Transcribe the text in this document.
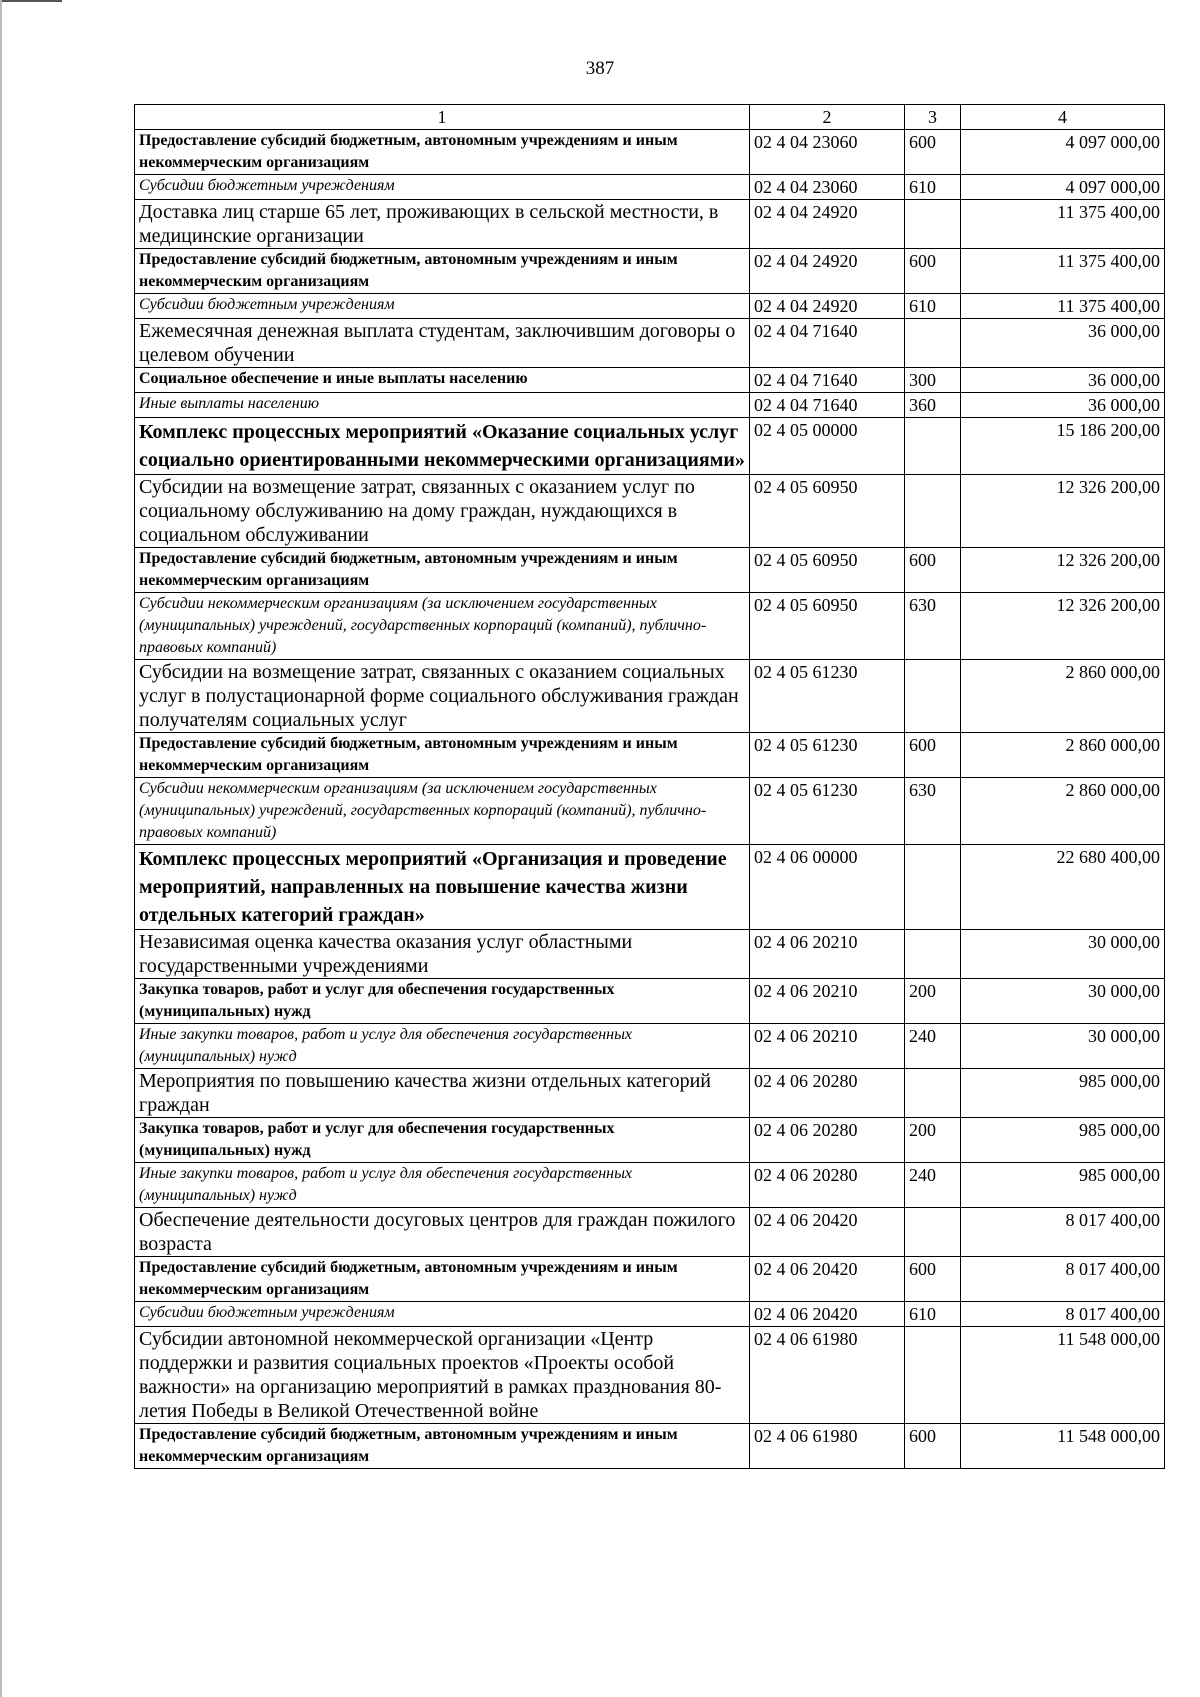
387
1	2	3	4
Предоставление субсидий бюджетным, автономным учреждениям и иным некоммерческим организациям	02 4 04 23060	600	4 097 000,00
Субсидии бюджетным учреждениям	02 4 04 23060	610	4 097 000,00
Доставка лиц старше 65 лет, проживающих в сельской местности, в медицинские организации	02 4 04 24920		11 375 400,00
Предоставление субсидий бюджетным, автономным учреждениям и иным некоммерческим организациям	02 4 04 24920	600	11 375 400,00
Субсидии бюджетным учреждениям	02 4 04 24920	610	11 375 400,00
Ежемесячная денежная выплата студентам, заключившим договоры о целевом обучении	02 4 04 71640		36 000,00
Социальное обеспечение и иные выплаты населению	02 4 04 71640	300	36 000,00
Иные выплаты населению	02 4 04 71640	360	36 000,00
Комплекс процессных мероприятий «Оказание социальных услуг социально ориентированными некоммерческими организациями»	02 4 05 00000		15 186 200,00
Субсидии на возмещение затрат, связанных с оказанием услуг по социальному обслуживанию на дому граждан, нуждающихся в социальном обслуживании	02 4 05 60950		12 326 200,00
Предоставление субсидий бюджетным, автономным учреждениям и иным некоммерческим организациям	02 4 05 60950	600	12 326 200,00
Субсидии некоммерческим организациям (за исключением государственных (муниципальных) учреждений, государственных корпораций (компаний), публично-правовых компаний)	02 4 05 60950	630	12 326 200,00
Субсидии на возмещение затрат, связанных с оказанием социальных услуг в полустационарной форме социального обслуживания граждан получателям социальных услуг	02 4 05 61230		2 860 000,00
Предоставление субсидий бюджетным, автономным учреждениям и иным некоммерческим организациям	02 4 05 61230	600	2 860 000,00
Субсидии некоммерческим организациям (за исключением государственных (муниципальных) учреждений, государственных корпораций (компаний), публично-правовых компаний)	02 4 05 61230	630	2 860 000,00
Комплекс процессных мероприятий «Организация и проведение мероприятий, направленных на повышение качества жизни отдельных категорий граждан»	02 4 06 00000		22 680 400,00
Независимая оценка качества оказания услуг областными государственными учреждениями	02 4 06 20210		30 000,00
Закупка товаров, работ и услуг для обеспечения государственных (муниципальных) нужд	02 4 06 20210	200	30 000,00
Иные закупки товаров, работ и услуг для обеспечения государственных (муниципальных) нужд	02 4 06 20210	240	30 000,00
Мероприятия по повышению качества жизни отдельных категорий граждан	02 4 06 20280		985 000,00
Закупка товаров, работ и услуг для обеспечения государственных (муниципальных) нужд	02 4 06 20280	200	985 000,00
Иные закупки товаров, работ и услуг для обеспечения государственных (муниципальных) нужд	02 4 06 20280	240	985 000,00
Обеспечение деятельности досуговых центров для граждан пожилого возраста	02 4 06 20420		8 017 400,00
Предоставление субсидий бюджетным, автономным учреждениям и иным некоммерческим организациям	02 4 06 20420	600	8 017 400,00
Субсидии бюджетным учреждениям	02 4 06 20420	610	8 017 400,00
Субсидии автономной некоммерческой организации «Центр поддержки и развития социальных проектов «Проекты особой важности» на организацию мероприятий в рамках празднования 80-летия Победы в Великой Отечественной войне	02 4 06 61980		11 548 000,00
Предоставление субсидий бюджетным, автономным учреждениям и иным некоммерческим организациям	02 4 06 61980	600	11 548 000,00
